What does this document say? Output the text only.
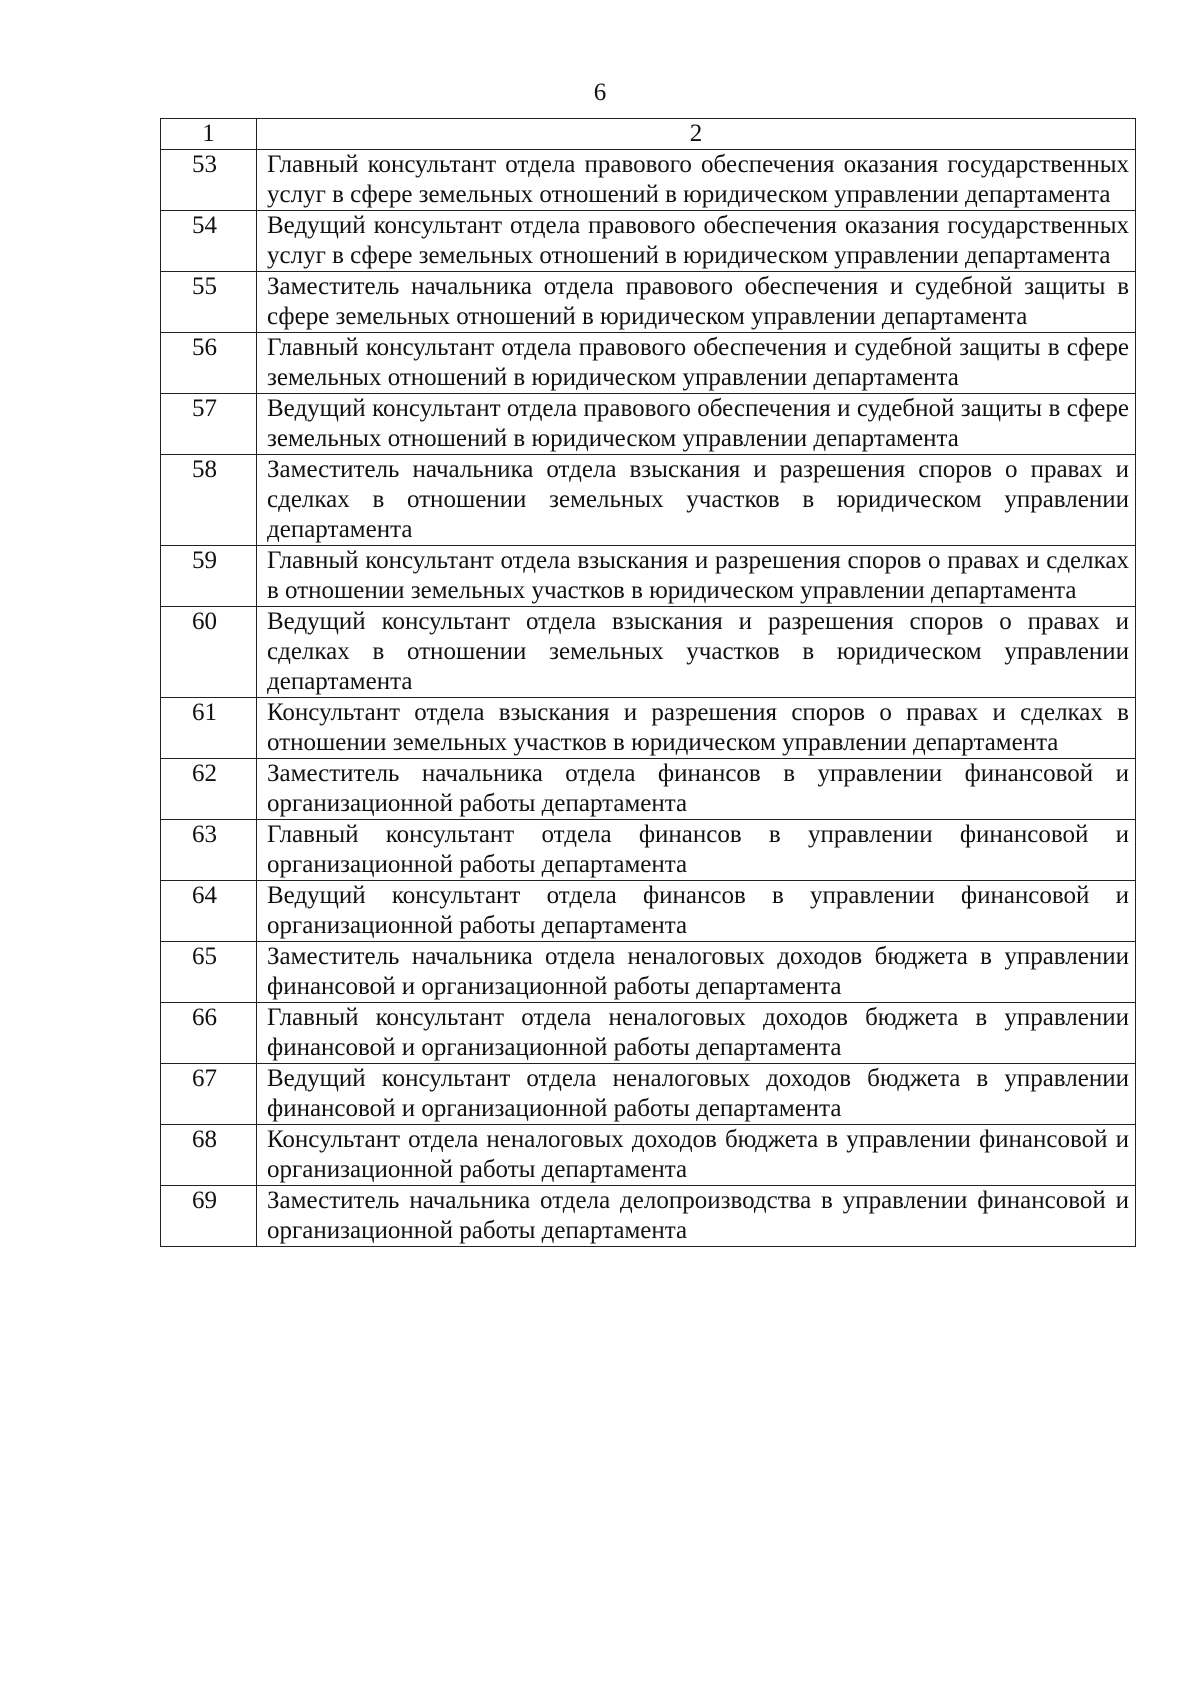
6
1	2
53	Главный консультант отдела правового обеспечения оказания государственных услуг в сфере земельных отношений в юридическом управлении департамента
54	Ведущий консультант отдела правового обеспечения оказания государственных услуг в сфере земельных отношений в юридическом управлении департамента
55	Заместитель начальника отдела правового обеспечения и судебной защиты в сфере земельных отношений в юридическом управлении департамента
56	Главный консультант отдела правового обеспечения и судебной защиты в сфере земельных отношений в юридическом управлении департамента
57	Ведущий консультант отдела правового обеспечения и судебной защиты в сфере земельных отношений в юридическом управлении департамента
58	Заместитель начальника отдела взыскания и разрешения споров о правах и сделках в отношении земельных участков в юридическом управлении департамента
59	Главный консультант отдела взыскания и разрешения споров о правах и сделках в отношении земельных участков в юридическом управлении департамента
60	Ведущий консультант отдела взыскания и разрешения споров о правах и сделках в отношении земельных участков в юридическом управлении департамента
61	Консультант отдела взыскания и разрешения споров о правах и сделках в отношении земельных участков в юридическом управлении департамента
62	Заместитель начальника отдела финансов в управлении финансовой и организационной работы департамента
63	Главный консультант отдела финансов в управлении финансовой и организационной работы департамента
64	Ведущий консультант отдела финансов в управлении финансовой и организационной работы департамента
65	Заместитель начальника отдела неналоговых доходов бюджета в управлении финансовой и организационной работы департамента
66	Главный консультант отдела неналоговых доходов бюджета в управлении финансовой и организационной работы департамента
67	Ведущий консультант отдела неналоговых доходов бюджета в управлении финансовой и организационной работы департамента
68	Консультант отдела неналоговых доходов бюджета в управлении финансовой и организационной работы департамента
69	Заместитель начальника отдела делопроизводства в управлении финансовой и организационной работы департамента
